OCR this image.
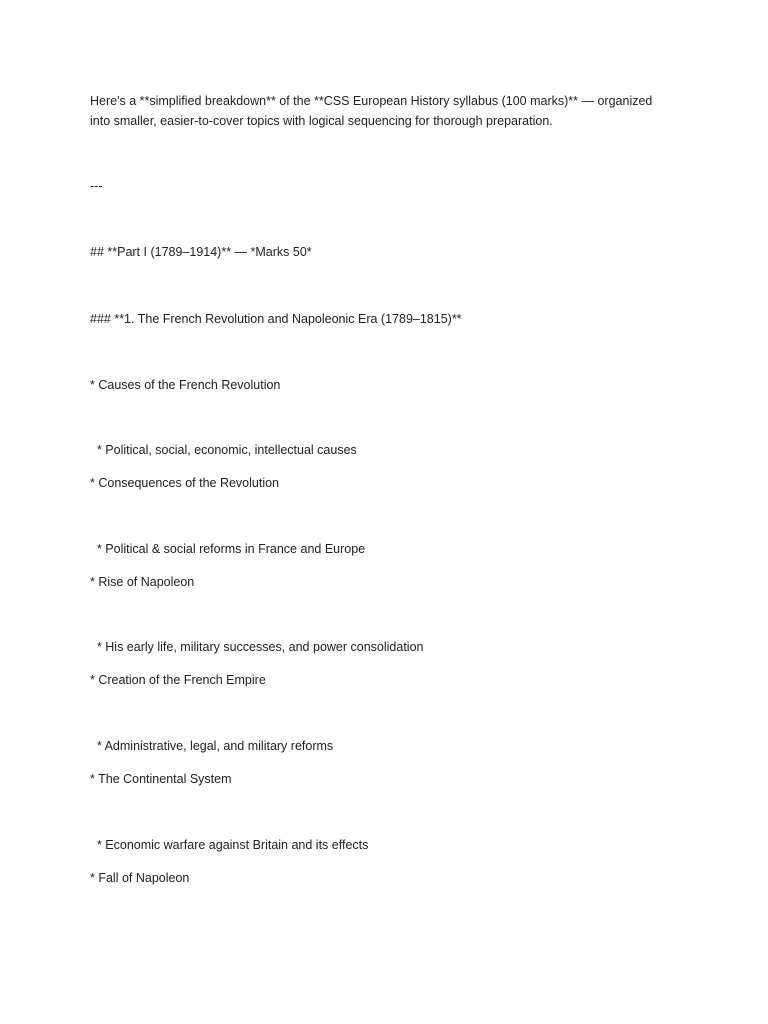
Here's a **simplified breakdown** of the **CSS European History syllabus (100 marks)** — organized
into smaller, easier-to-cover topics with logical sequencing for thorough preparation.
---
## **Part I (1789–1914)** — *Marks 50*
### **1. The French Revolution and Napoleonic Era (1789–1815)**
* Causes of the French Revolution
* Political, social, economic, intellectual causes
* Consequences of the Revolution
* Political & social reforms in France and Europe
* Rise of Napoleon
* His early life, military successes, and power consolidation
* Creation of the French Empire
* Administrative, legal, and military reforms
* The Continental System
* Economic warfare against Britain and its effects
* Fall of Napoleon
